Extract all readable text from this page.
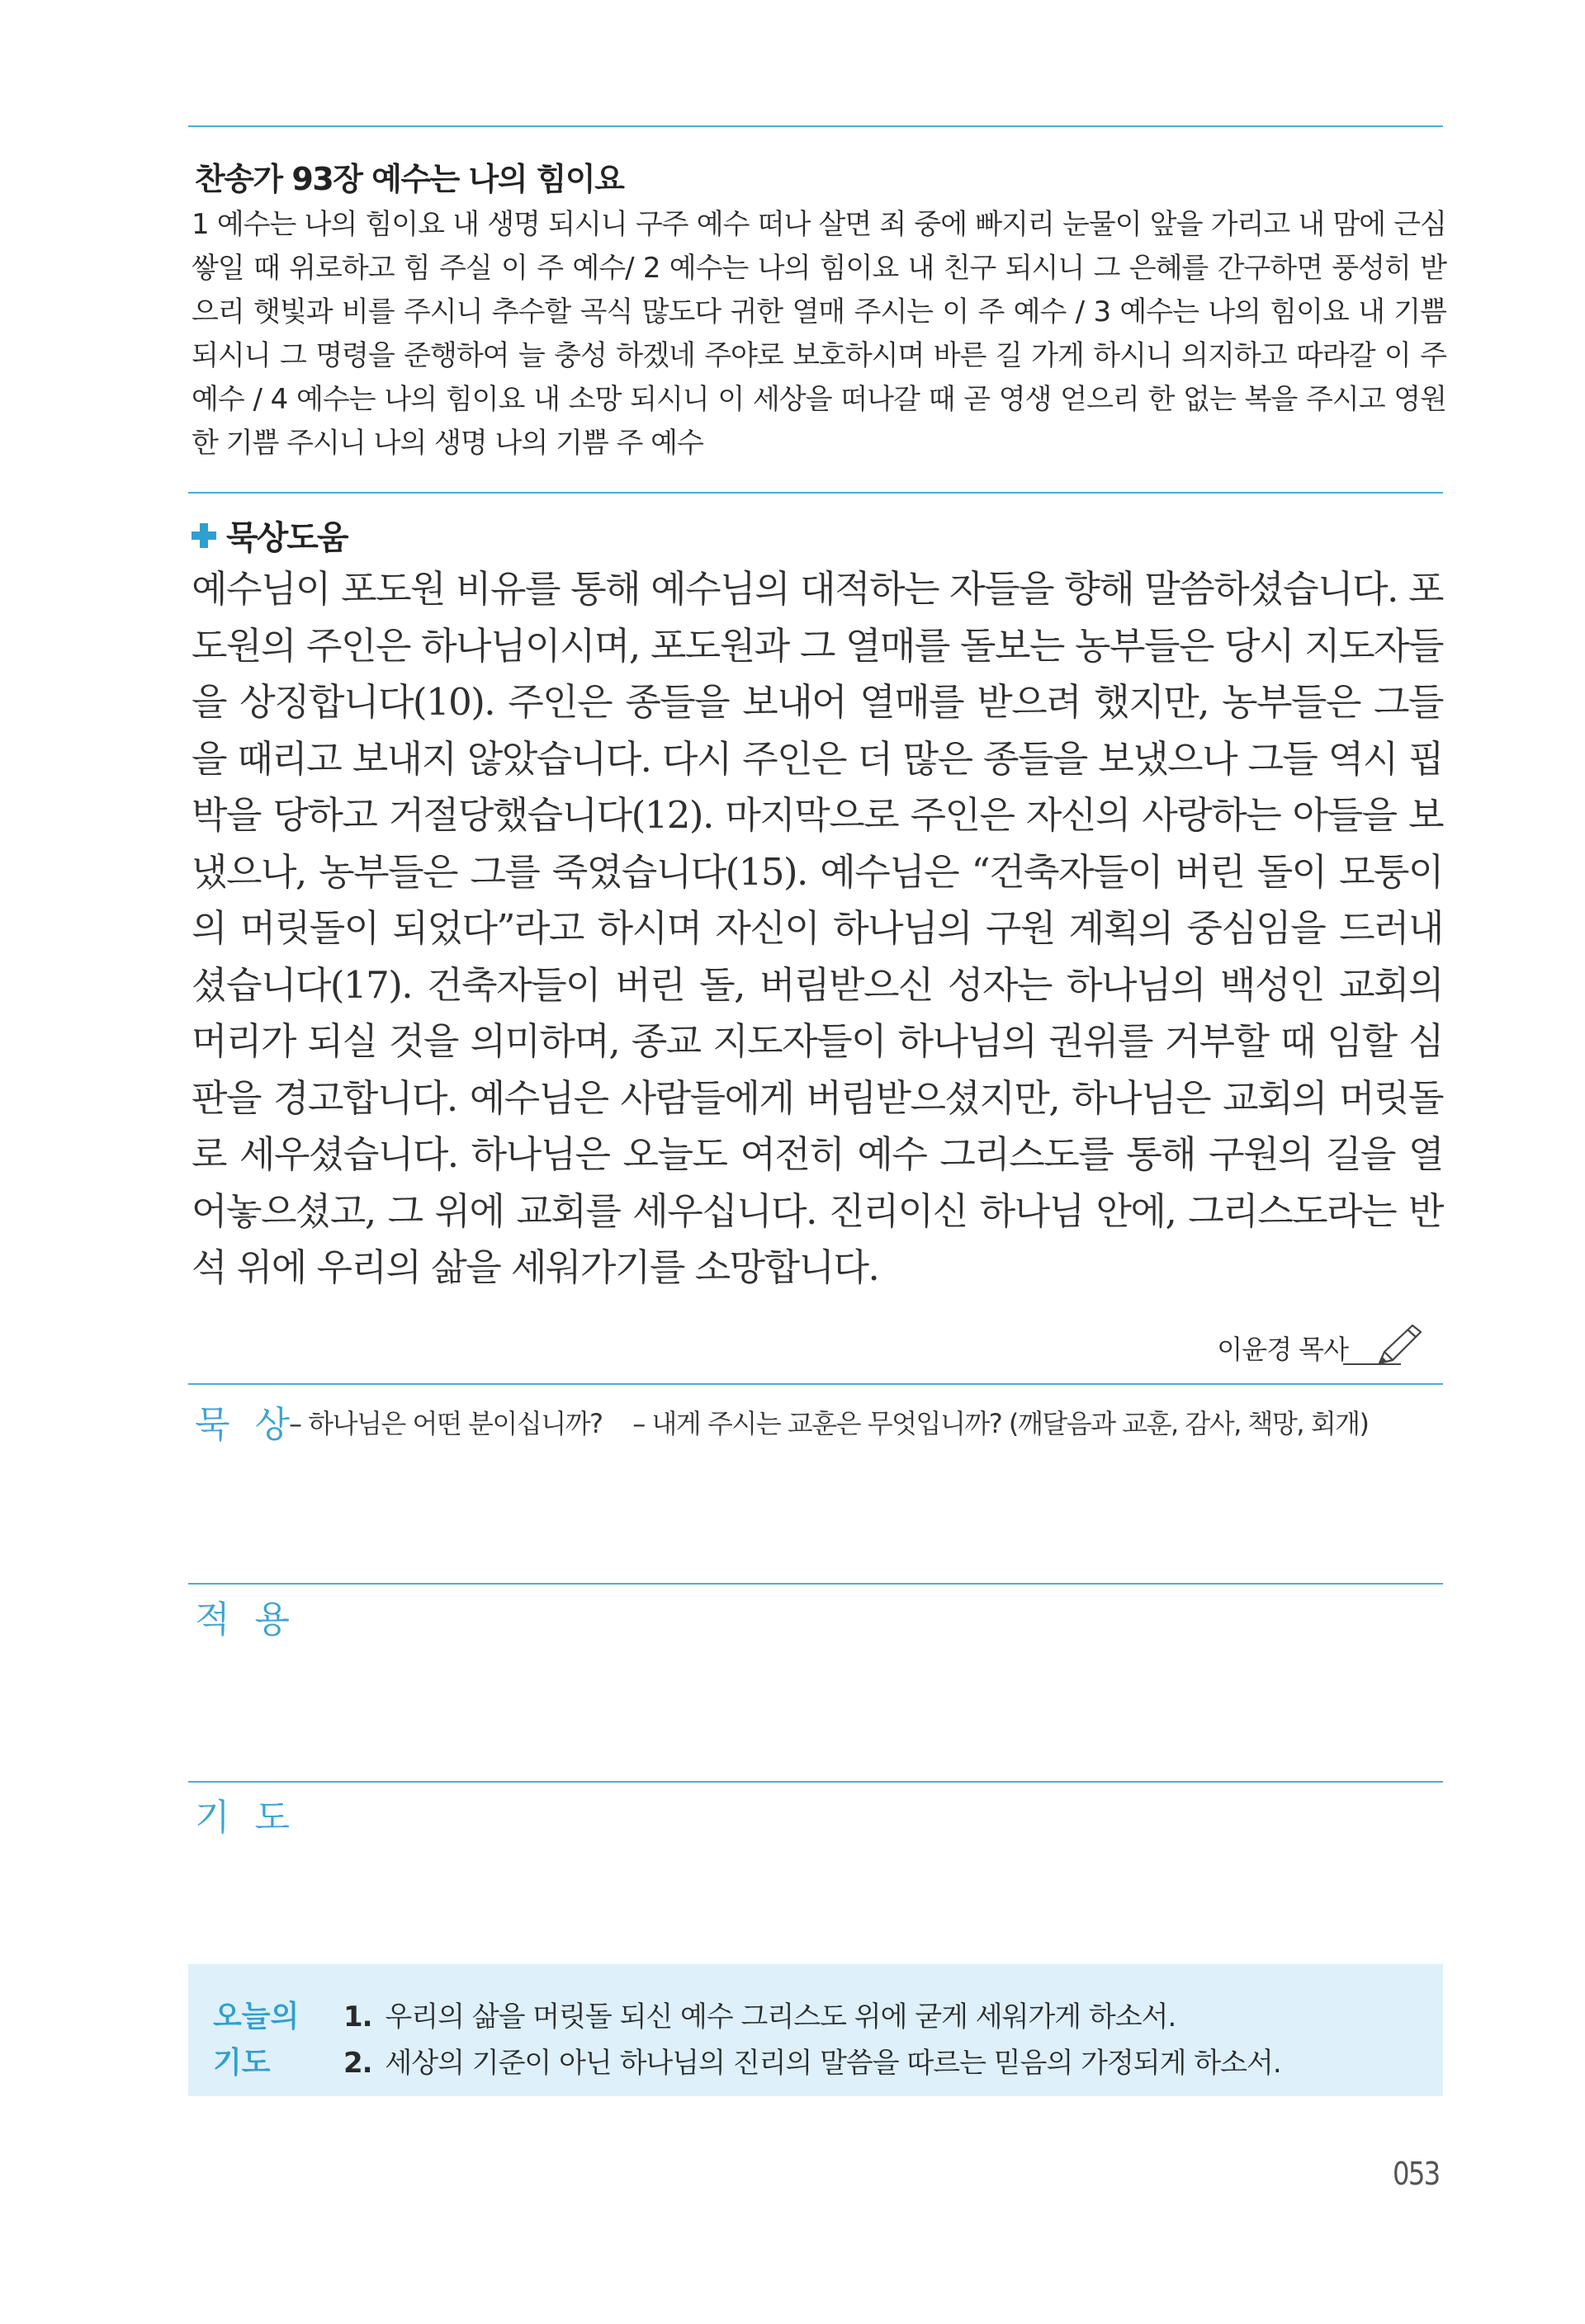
찬송가 93장 예수는 나의 힘이요
1 예수는 나의 힘이요 내 생명 되시니 구주 예수 떠나 살면 죄 중에 빠지리 눈물이 앞을 가리고 내 맘에 근심 쌓일 때 위로하고 힘 주실 이 주 예수/ 2 예수는 나의 힘이요 내 친구 되시니 그 은혜를 간구하면 풍성히 받으리 햇빛과 비를 주시니 추수할 곡식 많도다 귀한 열매 주시는 이 주 예수 / 3 예수는 나의 힘이요 내 기쁨 되시니 그 명령을 준행하여 늘 충성 하겠네 주야로 보호하시며 바른 길 가게 하시니 의지하고 따라갈 이 주 예수 / 4 예수는 나의 힘이요 내 소망 되시니 이 세상을 떠나갈 때 곧 영생 얻으리 한 없는 복을 주시고 영원한 기쁨 주시니 나의 생명 나의 기쁨 주 예수
묵상도움
예수님이 포도원 비유를 통해 예수님의 대적하는 자들을 향해 말씀하셨습니다. 포도원의 주인은 하나님이시며, 포도원과 그 열매를 돌보는 농부들은 당시 지도자들을 상징합니다(10). 주인은 종들을 보내어 열매를 받으려 했지만, 농부들은 그들을 때리고 보내지 않았습니다. 다시 주인은 더 많은 종들을 보냈으나 그들 역시 핍박을 당하고 거절당했습니다(12). 마지막으로 주인은 자신의 사랑하는 아들을 보냈으나, 농부들은 그를 죽였습니다(15). 예수님은 “건축자들이 버린 돌이 모퉁이의 머릿돌이 되었다”라고 하시며 자신이 하나님의 구원 계획의 중심임을 드러내셨습니다(17). 건축자들이 버린 돌, 버림받으신 성자는 하나님의 백성인 교회의 머리가 되실 것을 의미하며, 종교 지도자들이 하나님의 권위를 거부할 때 임할 심판을 경고합니다. 예수님은 사람들에게 버림받으셨지만, 하나님은 교회의 머릿돌로 세우셨습니다. 하나님은 오늘도 여전히 예수 그리스도를 통해 구원의 길을 열어놓으셨고, 그 위에 교회를 세우십니다. 진리이신 하나님 안에, 그리스도라는 반석 위에 우리의 삶을 세워가기를 소망합니다.
이윤경 목사
묵 상
– 하나님은 어떤 분이십니까? – 내게 주시는 교훈은 무엇입니까? (깨달음과 교훈, 감사, 책망, 회개)
적 용
기 도
오늘의
기도
1. 우리의 삶을 머릿돌 되신 예수 그리스도 위에 굳게 세워가게 하소서.
2. 세상의 기준이 아닌 하나님의 진리의 말씀을 따르는 믿음의 가정되게 하소서.
053
